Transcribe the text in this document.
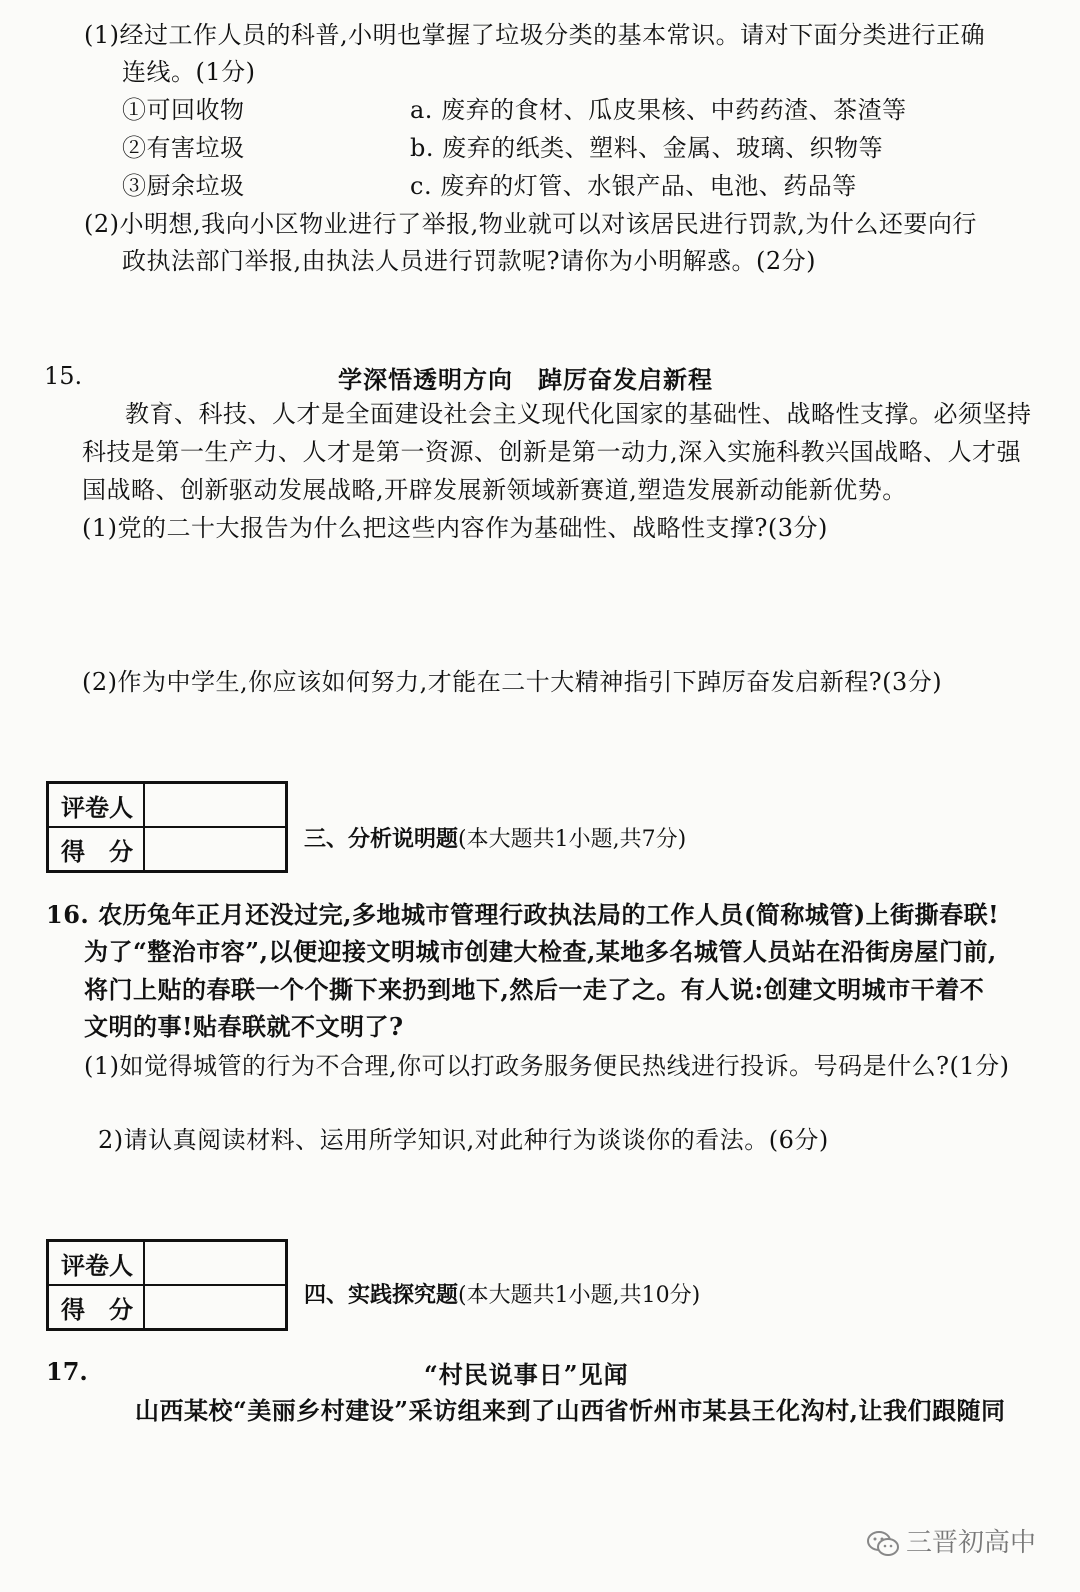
(1)经过工作人员的科普,小明也掌握了垃圾分类的基本常识。请对下面分类进行正确
连线。(1分)
①可回收物	a. 废弃的食材、瓜皮果核、中药药渣、茶渣等
②有害垃圾	b. 废弃的纸类、塑料、金属、玻璃、织物等
③厨余垃圾	c. 废弃的灯管、水银产品、电池、药品等
(2)小明想,我向小区物业进行了举报,物业就可以对该居民进行罚款,为什么还要向行
政执法部门举报,由执法人员进行罚款呢?请你为小明解惑。(2分)
15.	学深悟透明方向　踔厉奋发启新程
教育、科技、人才是全面建设社会主义现代化国家的基础性、战略性支撑。必须坚持
科技是第一生产力、人才是第一资源、创新是第一动力,深入实施科教兴国战略、人才强
国战略、创新驱动发展战略,开辟发展新领域新赛道,塑造发展新动能新优势。
(1)党的二十大报告为什么把这些内容作为基础性、战略性支撑?(3分)
(2)作为中学生,你应该如何努力,才能在二十大精神指引下踔厉奋发启新程?(3分)
评卷人	
得　分		三、分析说明题(本大题共1小题,共7分)
16. 农历兔年正月还没过完,多地城市管理行政执法局的工作人员(简称城管)上街撕春联!
为了“整治市容”,以便迎接文明城市创建大检查,某地多名城管人员站在沿街房屋门前,
将门上贴的春联一个个撕下来扔到地下,然后一走了之。有人说:创建文明城市干着不
文明的事!贴春联就不文明了?
(1)如觉得城管的行为不合理,你可以打政务服务便民热线进行投诉。号码是什么?(1分)
2)请认真阅读材料、运用所学知识,对此种行为谈谈你的看法。(6分)
评卷人	
得　分	
四、实践探究题(本大题共1小题,共10分)
17.	“村民说事日”见闻
山西某校“美丽乡村建设”采访组来到了山西省忻州市某县王化沟村,让我们跟随同
三晋初高中
